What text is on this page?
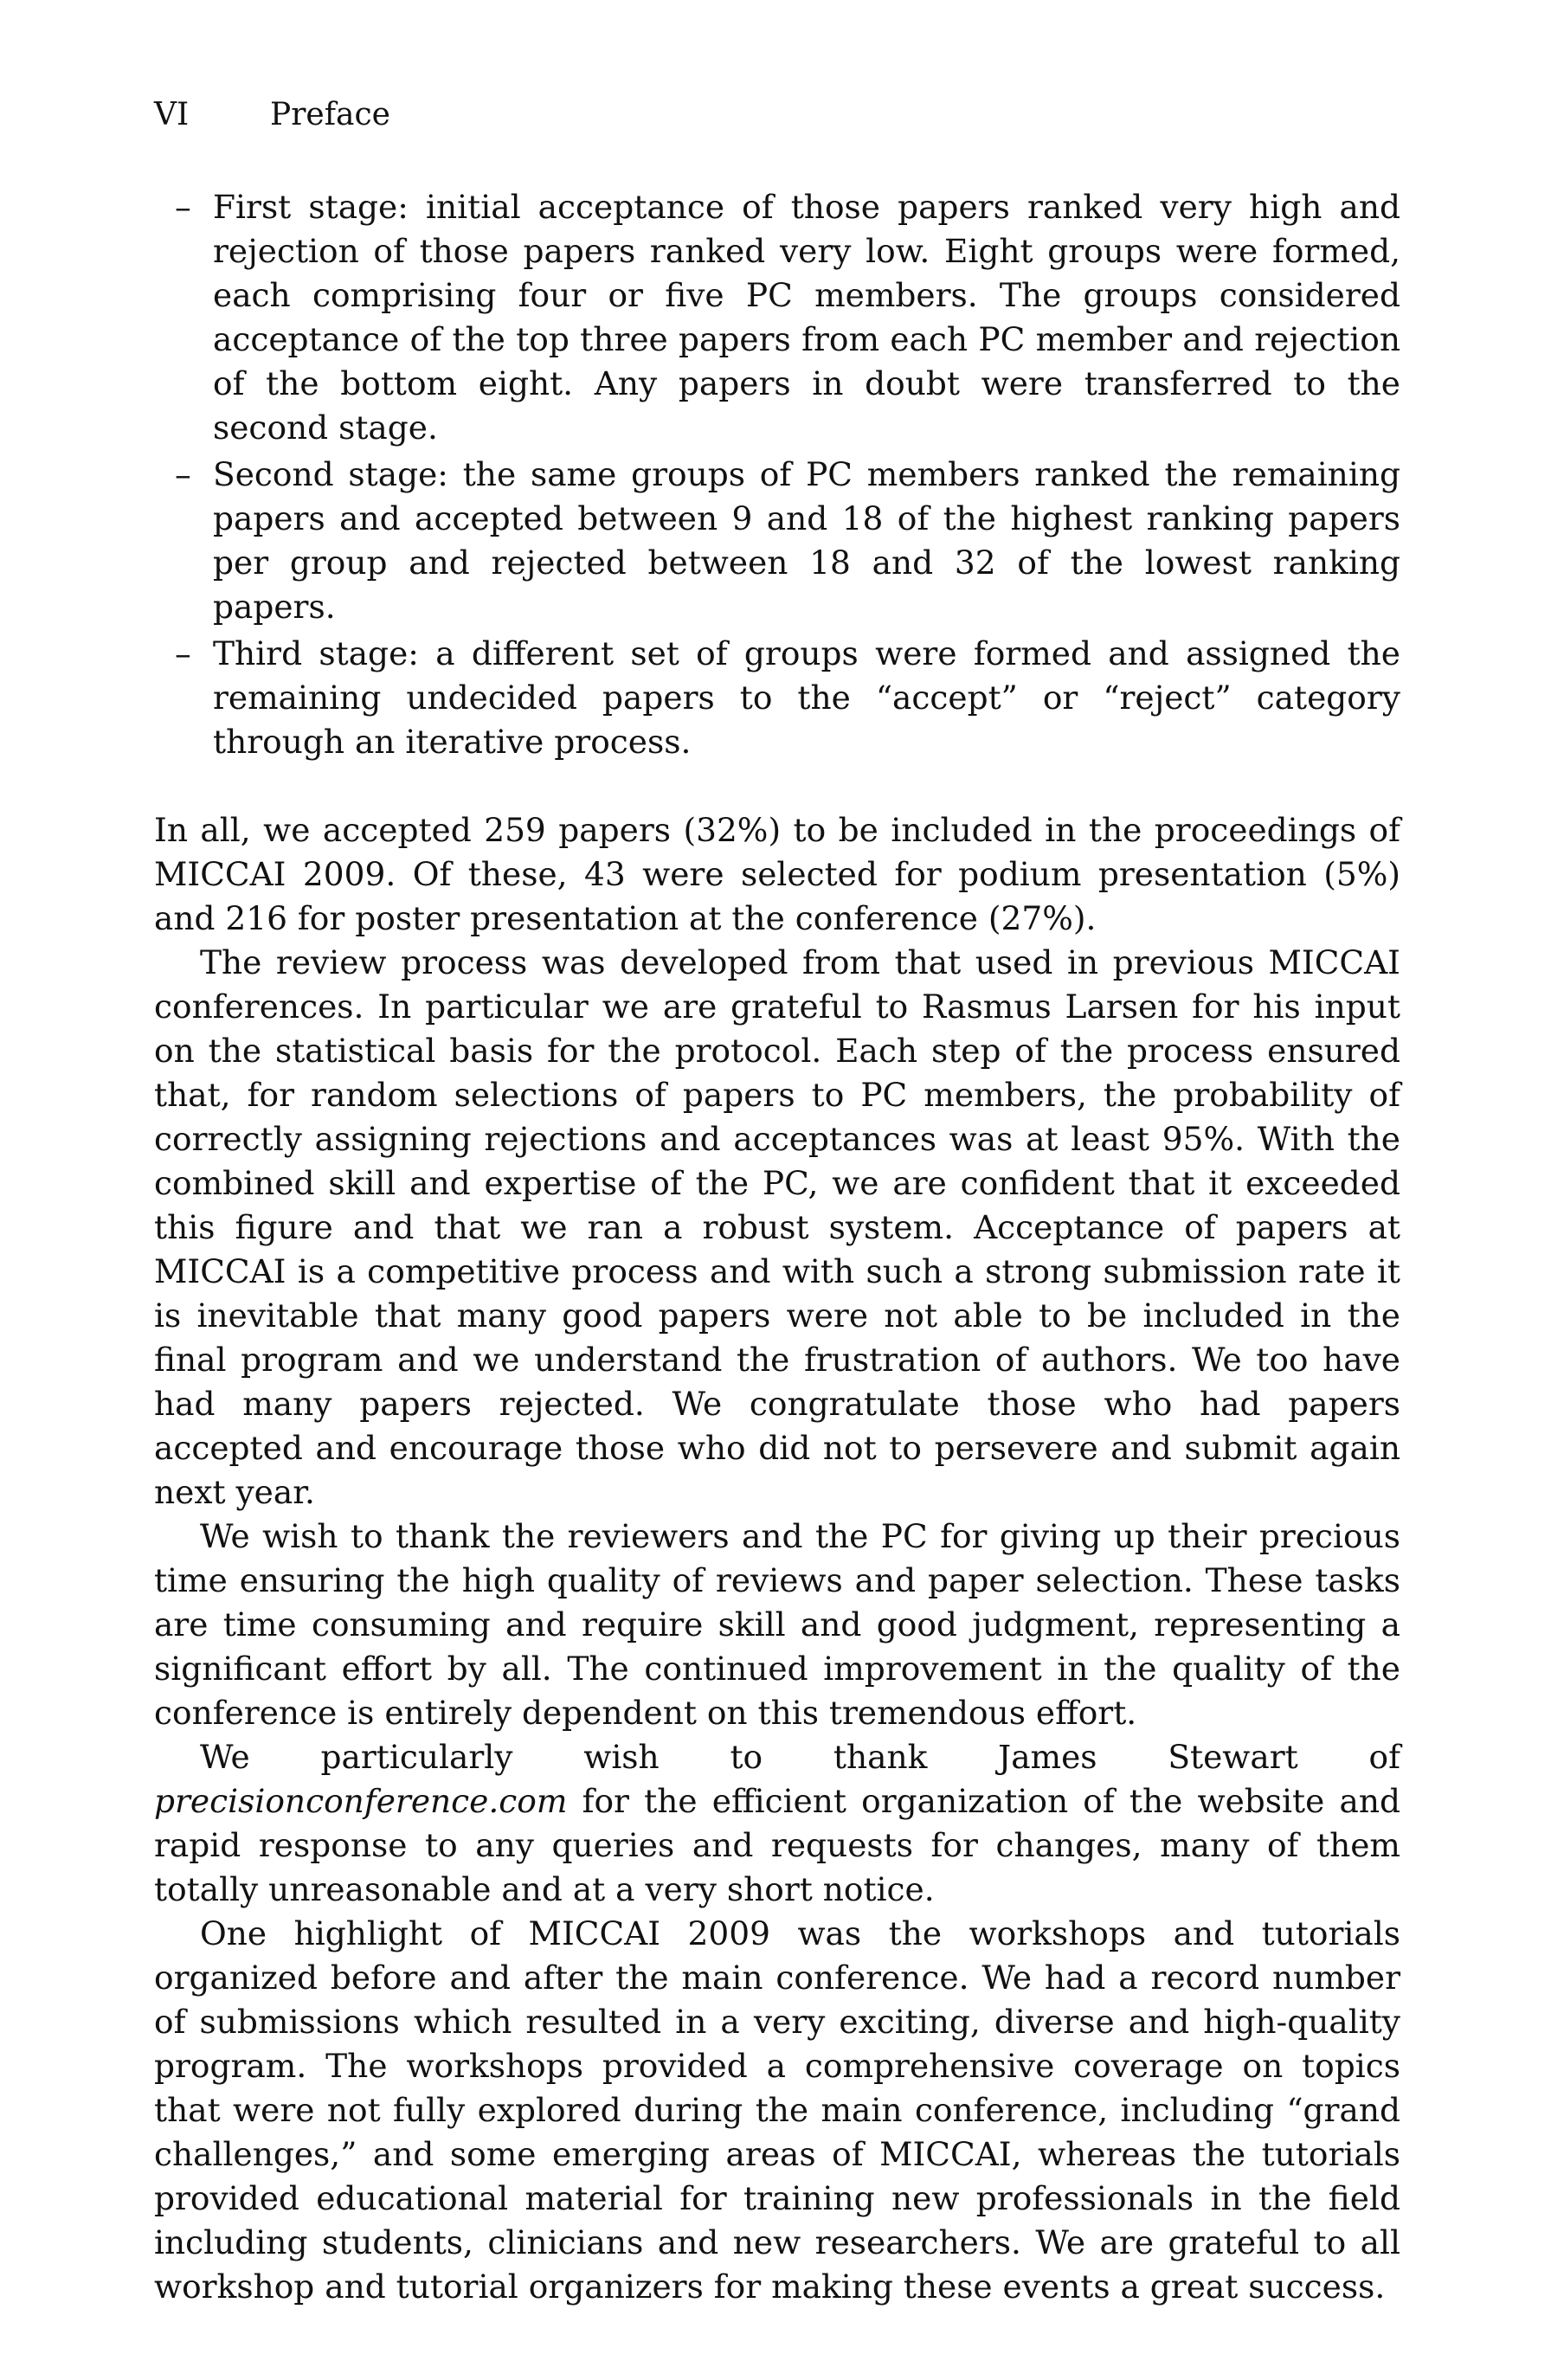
VI	Preface
– First stage: initial acceptance of those papers ranked very high and rejection of those papers ranked very low. Eight groups were formed, each comprising four or five PC members. The groups considered acceptance of the top three papers from each PC member and rejection of the bottom eight. Any papers in doubt were transferred to the second stage.
– Second stage: the same groups of PC members ranked the remaining papers and accepted between 9 and 18 of the highest ranking papers per group and rejected between 18 and 32 of the lowest ranking papers.
– Third stage: a different set of groups were formed and assigned the remaining undecided papers to the “accept” or “reject” category through an iterative process.

In all, we accepted 259 papers (32%) to be included in the proceedings of MICCAI 2009. Of these, 43 were selected for podium presentation (5%) and 216 for poster presentation at the conference (27%).

The review process was developed from that used in previous MICCAI conferences. In particular we are grateful to Rasmus Larsen for his input on the statistical basis for the protocol. Each step of the process ensured that, for random selections of papers to PC members, the probability of correctly assigning rejections and acceptances was at least 95%. With the combined skill and expertise of the PC, we are confident that it exceeded this figure and that we ran a robust system. Acceptance of papers at MICCAI is a competitive process and with such a strong submission rate it is inevitable that many good papers were not able to be included in the final program and we understand the frustration of authors. We too have had many papers rejected. We congratulate those who had papers accepted and encourage those who did not to persevere and submit again next year.

We wish to thank the reviewers and the PC for giving up their precious time ensuring the high quality of reviews and paper selection. These tasks are time consuming and require skill and good judgment, representing a significant effort by all. The continued improvement in the quality of the conference is entirely dependent on this tremendous effort.

We particularly wish to thank James Stewart of precisionconference.com for the efficient organization of the website and rapid response to any queries and requests for changes, many of them totally unreasonable and at a very short notice.

One highlight of MICCAI 2009 was the workshops and tutorials organized before and after the main conference. We had a record number of submissions which resulted in a very exciting, diverse and high-quality program. The workshops provided a comprehensive coverage on topics that were not fully explored during the main conference, including “grand challenges,” and some emerging areas of MICCAI, whereas the tutorials provided educational material for training new professionals in the field including students, clinicians and new researchers. We are grateful to all workshop and tutorial organizers for making these events a great success.
